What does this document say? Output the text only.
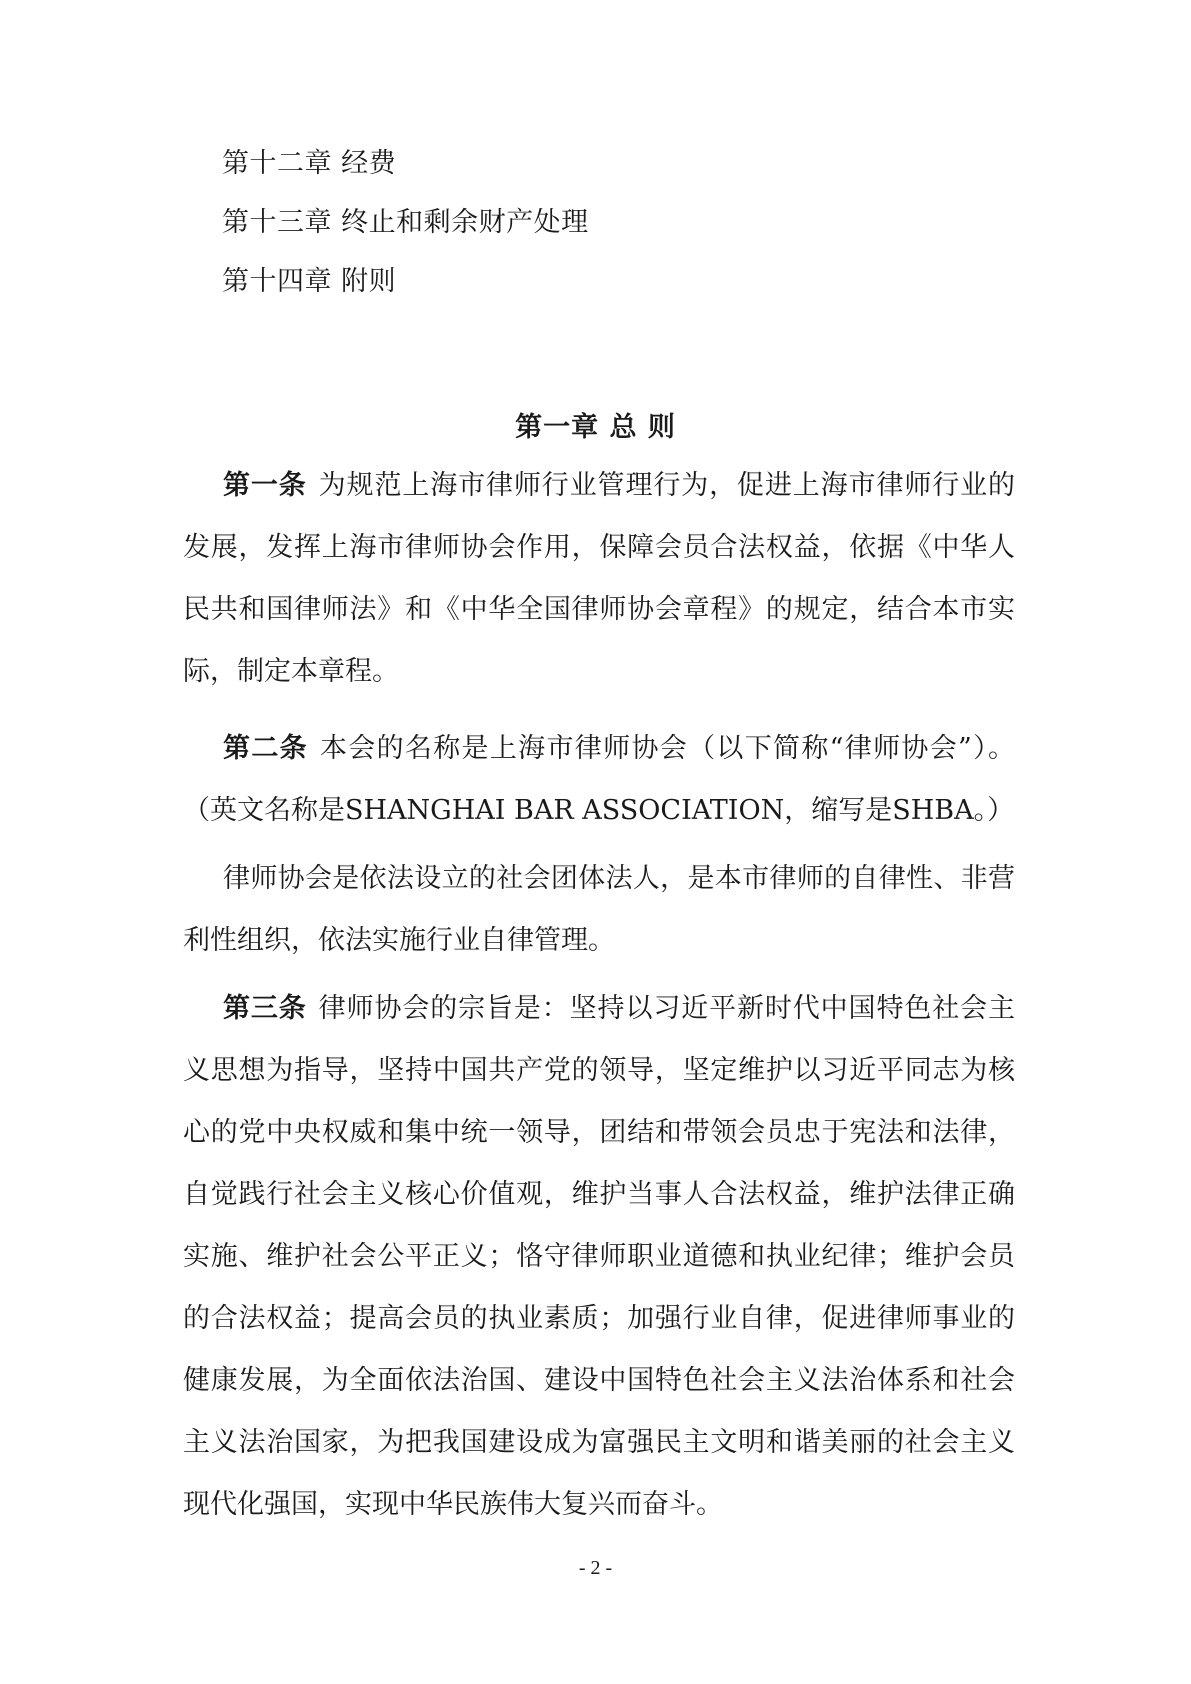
第十二章 经费
第十三章 终止和剩余财产处理
第十四章 附则
第一章 总 则
第一条 为规范上海市律师行业管理行为，促进上海市律师行业的发展，发挥上海市律师协会作用，保障会员合法权益，依据《中华人民共和国律师法》和《中华全国律师协会章程》的规定，结合本市实际，制定本章程。
第二条 本会的名称是上海市律师协会（以下简称“律师协会”）。（英文名称是SHANGHAI BAR ASSOCIATION，缩写是SHBA。）
律师协会是依法设立的社会团体法人，是本市律师的自律性、非营利性组织，依法实施行业自律管理。
第三条 律师协会的宗旨是：坚持以习近平新时代中国特色社会主义思想为指导，坚持中国共产党的领导，坚定维护以习近平同志为核心的党中央权威和集中统一领导，团结和带领会员忠于宪法和法律，自觉践行社会主义核心价值观，维护当事人合法权益，维护法律正确实施、维护社会公平正义；恪守律师职业道德和执业纪律；维护会员的合法权益；提高会员的执业素质；加强行业自律，促进律师事业的健康发展，为全面依法治国、建设中国特色社会主义法治体系和社会主义法治国家，为把我国建设成为富强民主文明和谐美丽的社会主义现代化强国，实现中华民族伟大复兴而奋斗。
- 2 -
